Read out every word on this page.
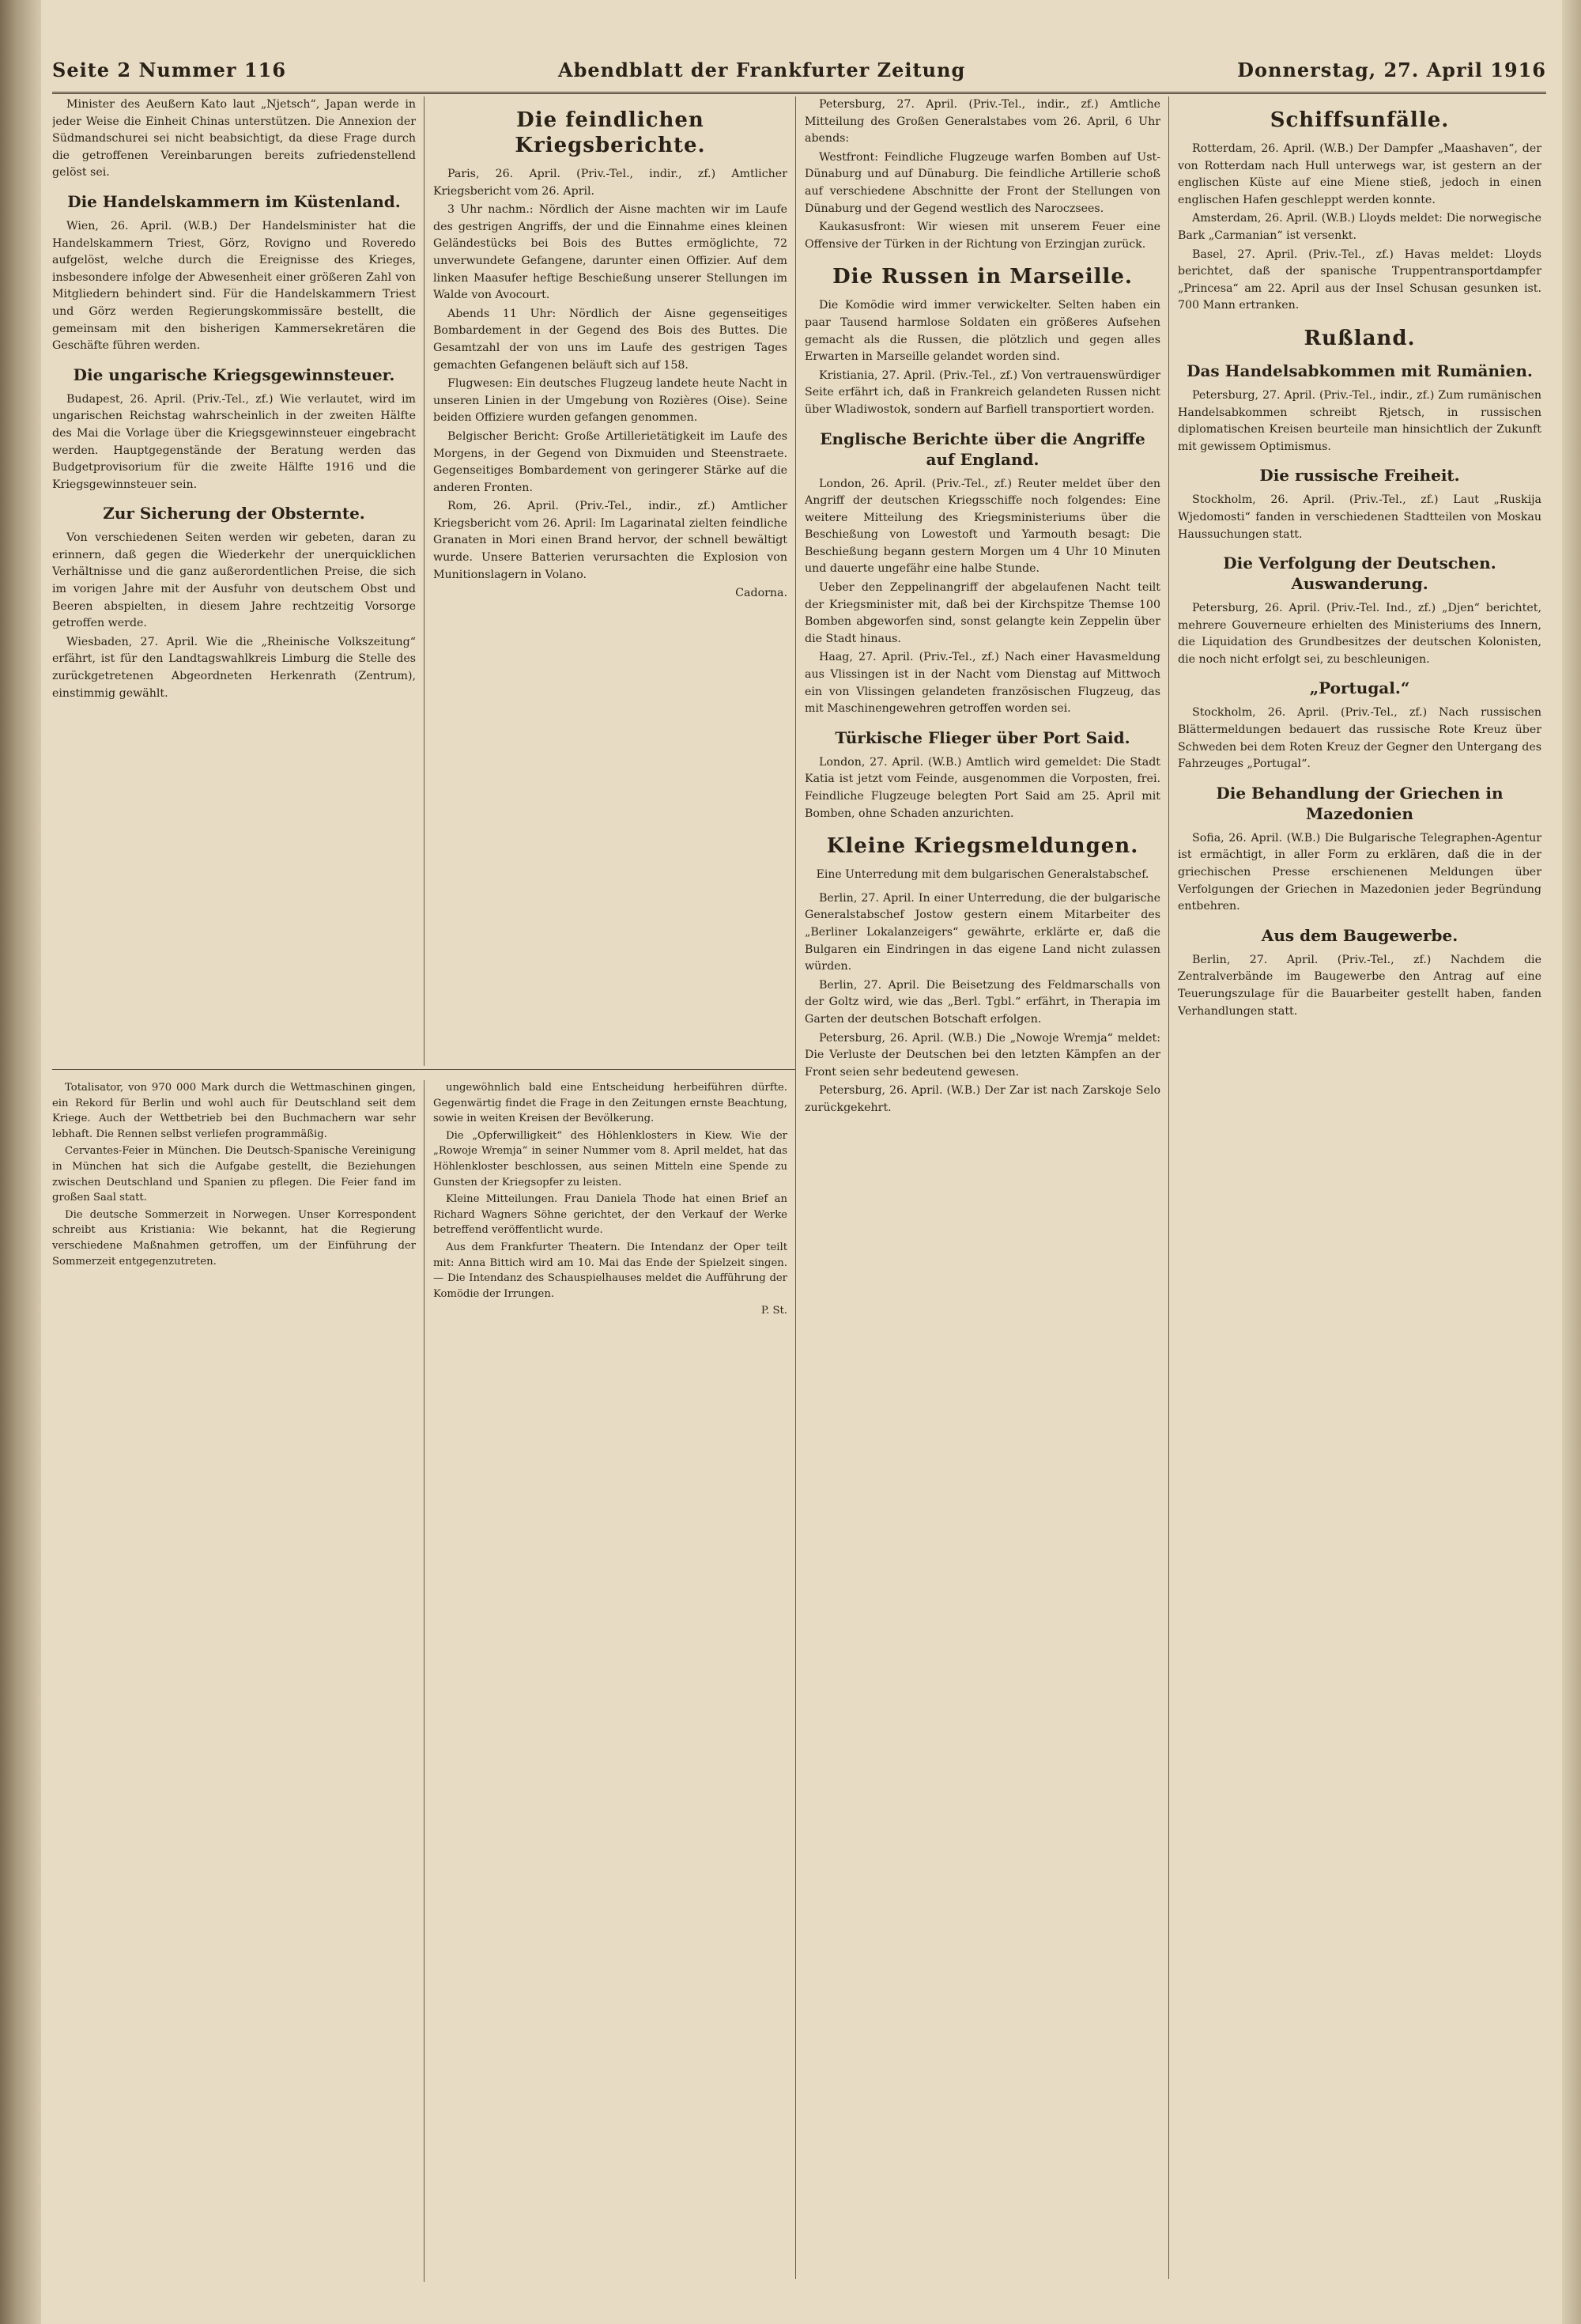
Seite 2 Nummer 116	Abendblatt der Frankfurter Zeitung	Donnerstag, 27. April 1916

Minister des Aeußern Kato laut „Njetsch“, Japan werde in jeder Weise die Einheit Chinas unterstützen. Die Annexion der Südmandschurei sei nicht beabsichtigt, da diese Frage durch die getroffenen Vereinbarungen bereits zufriedenstellend gelöst sei.

Die Handelskammern im Küstenland.

Wien, 26. April. (W.B.) Der Handelsminister hat die Handelskammern Triest, Görz, Rovigno und Roveredo aufgelöst, welche durch die Ereignisse des Krieges, insbesondere infolge der Abwesenheit einer größeren Zahl von Mitgliedern behindert sind. Für die Handelskammern Triest und Görz werden Regierungskommissäre bestellt, die gemeinsam mit den bisherigen Kammersekretären die Geschäfte führen werden.

Die ungarische Kriegsgewinnsteuer.

Budapest, 26. April. (Priv.-Tel., zf.) Wie verlautet, wird im ungarischen Reichstag wahrscheinlich in der zweiten Hälfte des Mai die Vorlage über die Kriegsgewinnsteuer eingebracht werden. Hauptgegenstände der Beratung werden das Budgetprovisorium für die zweite Hälfte 1916 und die Kriegsgewinnsteuer sein.

Zur Sicherung der Obsternte.

Von verschiedenen Seiten werden wir gebeten, daran zu erinnern, daß gegen die Wiederkehr der unerquicklichen Verhältnisse und die ganz außerordentlichen Preise, die sich im vorigen Jahre mit der Ausfuhr von deutschem Obst und Beeren abspielten, in diesem Jahre rechtzeitig Vorsorge getroffen werde.

Wiesbaden, 27. April. Wie die „Rheinische Volkszeitung“ erfährt, ist für den Landtagswahlkreis Limburg die Stelle des zurückgetretenen Abgeordneten Herkenrath (Zentrum), einstimmig gewählt.

Die feindlichen Kriegsberichte.

Paris, 26. April. (Priv.-Tel., indir., zf.) Amtlicher Kriegsbericht vom 26. April.

3 Uhr nachm.: Nördlich der Aisne machten wir im Laufe des gestrigen Angriffs, der und die Einnahme eines kleinen Geländestücks bei Bois des Buttes ermöglichte, 72 unverwundete Gefangene, darunter einen Offizier. Auf dem linken Maasufer heftige Beschießung unserer Stellungen im Walde von Avocourt.

Abends 11 Uhr: Nördlich der Aisne gegenseitiges Bombardement in der Gegend des Bois des Buttes. Die Gesamtzahl der von uns im Laufe des gestrigen Tages gemachten Gefangenen beläuft sich auf 158.

Flugwesen: Ein deutsches Flugzeug landete heute Nacht in unseren Linien in der Umgebung von Rozières (Oise). Seine beiden Offiziere wurden gefangen genommen.

Belgischer Bericht: Große Artillerietätigkeit im Laufe des Morgens, in der Gegend von Dixmuiden und Steenstraete. Gegenseitiges Bombardement von geringerer Stärke auf die anderen Fronten.

Rom, 26. April. (Priv.-Tel., indir., zf.) Amtlicher Kriegsbericht vom 26. April: Im Lagarinatal zielten feindliche Granaten in Mori einen Brand hervor, der schnell bewältigt wurde. Unsere Batterien verursachten die Explosion von Munitionslagern in Volano.

Cadorna.

Petersburg, 27. April. (Priv.-Tel., indir., zf.) Amtliche Mitteilung des Großen Generalstabes vom 26. April, 6 Uhr abends:

Westfront: Feindliche Flugzeuge warfen Bomben auf Ust-Dünaburg und auf Dünaburg. Die feindliche Artillerie schoß auf verschiedene Abschnitte der Front der Stellungen von Dünaburg und der Gegend westlich des Naroczsees.

Kaukasusfront: Wir wiesen mit unserem Feuer eine Offensive der Türken in der Richtung von Erzingjan zurück.

Die Russen in Marseille.

Die Komödie wird immer verwickelter. Selten haben ein paar Tausend harmlose Soldaten ein größeres Aufsehen gemacht als die Russen, die plötzlich und gegen alles Erwarten in Marseille gelandet worden sind.

Kristiania, 27. April. (Priv.-Tel., zf.) Von vertrauenswürdiger Seite erfährt ich, daß in Frankreich gelandeten Russen nicht über Wladiwostok, sondern auf Barfiell transportiert worden.

Englische Berichte über die Angriffe auf England.

London, 26. April. (Priv.-Tel., zf.) Reuter meldet über den Angriff der deutschen Kriegsschiffe noch folgendes: Eine weitere Mitteilung des Kriegsministeriums über die Beschießung von Lowestoft und Yarmouth besagt: Die Beschießung begann gestern Morgen um 4 Uhr 10 Minuten und dauerte ungefähr eine halbe Stunde.

Ueber den Zeppelinangriff der abgelaufenen Nacht teilt der Kriegsminister mit, daß bei der Kirchspitze Themse 100 Bomben abgeworfen sind, sonst gelangte kein Zeppelin über die Stadt hinaus.

Haag, 27. April. (Priv.-Tel., zf.) Nach einer Havasmeldung aus Vlissingen ist in der Nacht vom Dienstag auf Mittwoch ein von Vlissingen gelandeten französischen Flugzeug, das mit Maschinengewehren getroffen worden sei.

Türkische Flieger über Port Said.

London, 27. April. (W.B.) Amtlich wird gemeldet: Die Stadt Katia ist jetzt vom Feinde, ausgenommen die Vorposten, frei. Feindliche Flugzeuge belegten Port Said am 25. April mit Bomben, ohne Schaden anzurichten.

Kleine Kriegsmeldungen.

Eine Unterredung mit dem bulgarischen Generalstabschef.

Berlin, 27. April. In einer Unterredung, die der bulgarische Generalstabschef Jostow gestern einem Mitarbeiter des „Berliner Lokalanzeigers“ gewährte, erklärte er, daß die Bulgaren ein Eindringen in das eigene Land nicht zulassen würden.

Berlin, 27. April. Die Beisetzung des Feldmarschalls von der Goltz wird, wie das „Berl. Tgbl.“ erfährt, in Therapia im Garten der deutschen Botschaft erfolgen.

Petersburg, 26. April. (W.B.) Die „Nowoje Wremja“ meldet: Die Verluste der Deutschen bei den letzten Kämpfen an der Front seien sehr bedeutend gewesen.

Petersburg, 26. April. (W.B.) Der Zar ist nach Zarskoje Selo zurückgekehrt.

Schiffsunfälle.

Rotterdam, 26. April. (W.B.) Der Dampfer „Maashaven“, der von Rotterdam nach Hull unterwegs war, ist gestern an der englischen Küste auf eine Miene stieß, jedoch in einen englischen Hafen geschleppt werden konnte.

Amsterdam, 26. April. (W.B.) Lloyds meldet: Die norwegische Bark „Carmanian“ ist versenkt.

Basel, 27. April. (Priv.-Tel., zf.) Havas meldet: Lloyds berichtet, daß der spanische Truppentransportdampfer „Princesa“ am 22. April aus der Insel Schusan gesunken ist. 700 Mann ertranken.

Rußland.
Das Handelsabkommen mit Rumänien.

Petersburg, 27. April. (Priv.-Tel., indir., zf.) Zum rumänischen Handelsabkommen schreibt Rjetsch, in russischen diplomatischen Kreisen beurteile man hinsichtlich der Zukunft mit gewissem Optimismus.

Die russische Freiheit.

Stockholm, 26. April. (Priv.-Tel., zf.) Laut „Ruskija Wjedomosti“ fanden in verschiedenen Stadtteilen von Moskau Haussuchungen statt.

Die Verfolgung der Deutschen. Auswanderung.

Petersburg, 26. April. (Priv.-Tel. Ind., zf.) „Djen“ berichtet, mehrere Gouverneure erhielten des Ministeriums des Innern, die Liquidation des Grundbesitzes der deutschen Kolonisten, die noch nicht erfolgt sei, zu beschleunigen.

„Portugal.“

Stockholm, 26. April. (Priv.-Tel., zf.) Nach russischen Blättermeldungen bedauert das russische Rote Kreuz über Schweden bei dem Roten Kreuz der Gegner den Untergang des Fahrzeuges „Portugal“.

Die Behandlung der Griechen in Mazedonien

Sofia, 26. April. (W.B.) Die Bulgarische Telegraphen-Agentur ist ermächtigt, in aller Form zu erklären, daß die in der griechischen Presse erschienenen Meldungen über Verfolgungen der Griechen in Mazedonien jeder Begründung entbehren.

Aus dem Baugewerbe.

Berlin, 27. April. (Priv.-Tel., zf.) Nachdem die Zentralverbände im Baugewerbe den Antrag auf eine Teuerungszulage für die Bauarbeiter gestellt haben, fanden Verhandlungen statt.

Totalisator, von 970 000 Mark durch die Wettmaschinen gingen, ein Rekord für Berlin und wohl auch für Deutschland seit dem Kriege. Auch der Wettbetrieb bei den Buchmachern war sehr lebhaft. Die Rennen selbst verliefen programmäßig.

Cervantes-Feier in München. Die Deutsch-Spanische Vereinigung in München hat sich die Aufgabe gestellt, die Beziehungen zwischen Deutschland und Spanien zu pflegen. Die Feier fand im großen Saal statt.

Die deutsche Sommerzeit in Norwegen. Unser Korrespondent schreibt aus Kristiania: Wie bekannt, hat die Regierung verschiedene Maßnahmen getroffen, um der Einführung der Sommerzeit entgegenzutreten.

ungewöhnlich bald eine Entscheidung herbeiführen dürfte. Gegenwärtig findet die Frage in den Zeitungen ernste Beachtung, sowie in weiten Kreisen der Bevölkerung.

Die „Opferwilligkeit“ des Höhlenklosters in Kiew. Wie der „Rowoje Wremja“ in seiner Nummer vom 8. April meldet, hat das Höhlenkloster beschlossen, aus seinen Mitteln eine Spende zu Gunsten der Kriegsopfer zu leisten.

Kleine Mitteilungen. Frau Daniela Thode hat einen Brief an Richard Wagners Söhne gerichtet, der den Verkauf der Werke betreffend veröffentlicht wurde.

Aus dem Frankfurter Theatern. Die Intendanz der Oper teilt mit: Anna Bittich wird am 10. Mai das Ende der Spielzeit singen. — Die Intendanz des Schauspielhauses meldet die Aufführung der Komödie der Irrungen.

P. St.
